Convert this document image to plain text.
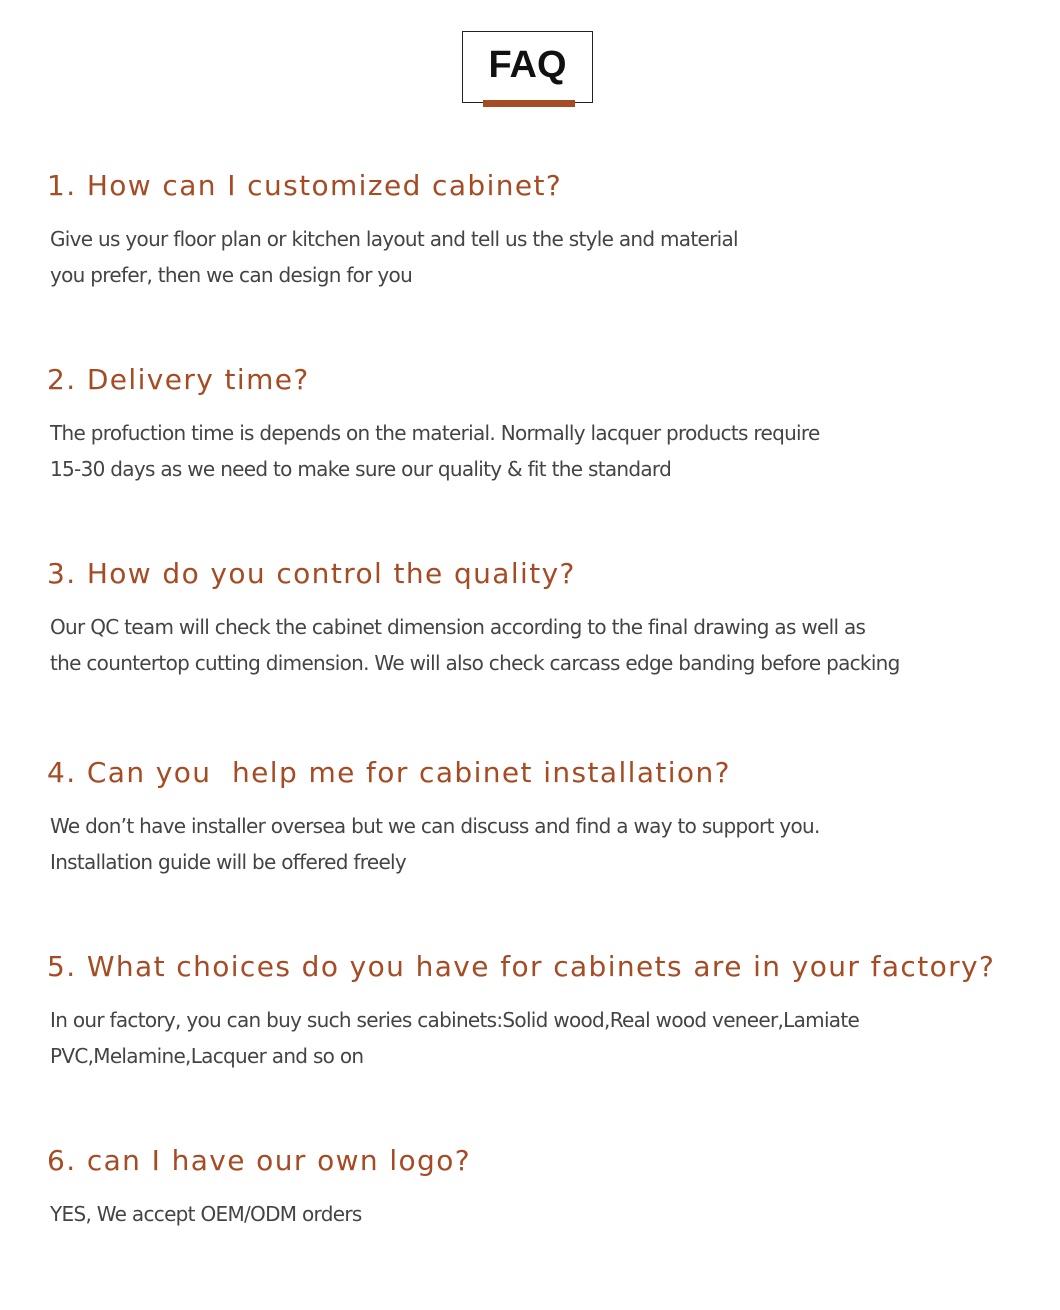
FAQ
1. How can I customized cabinet?
Give us your floor plan or kitchen layout and tell us the style and material
you prefer, then we can design for you
2. Delivery time?
The profuction time is depends on the material. Normally lacquer products require
15-30 days as we need to make sure our quality & fit the standard
3. How do you control the quality?
Our QC team will check the cabinet dimension according to the final drawing as well as
the countertop cutting dimension. We will also check carcass edge banding before packing
4. Can you  help me for cabinet installation?
We don’t have installer oversea but we can discuss and find a way to support you.
Installation guide will be offered freely
5. What choices do you have for cabinets are in your factory?
In our factory, you can buy such series cabinets:Solid wood,Real wood veneer,Lamiate
PVC,Melamine,Lacquer and so on
6. can I have our own logo?
YES, We accept OEM/ODM orders
